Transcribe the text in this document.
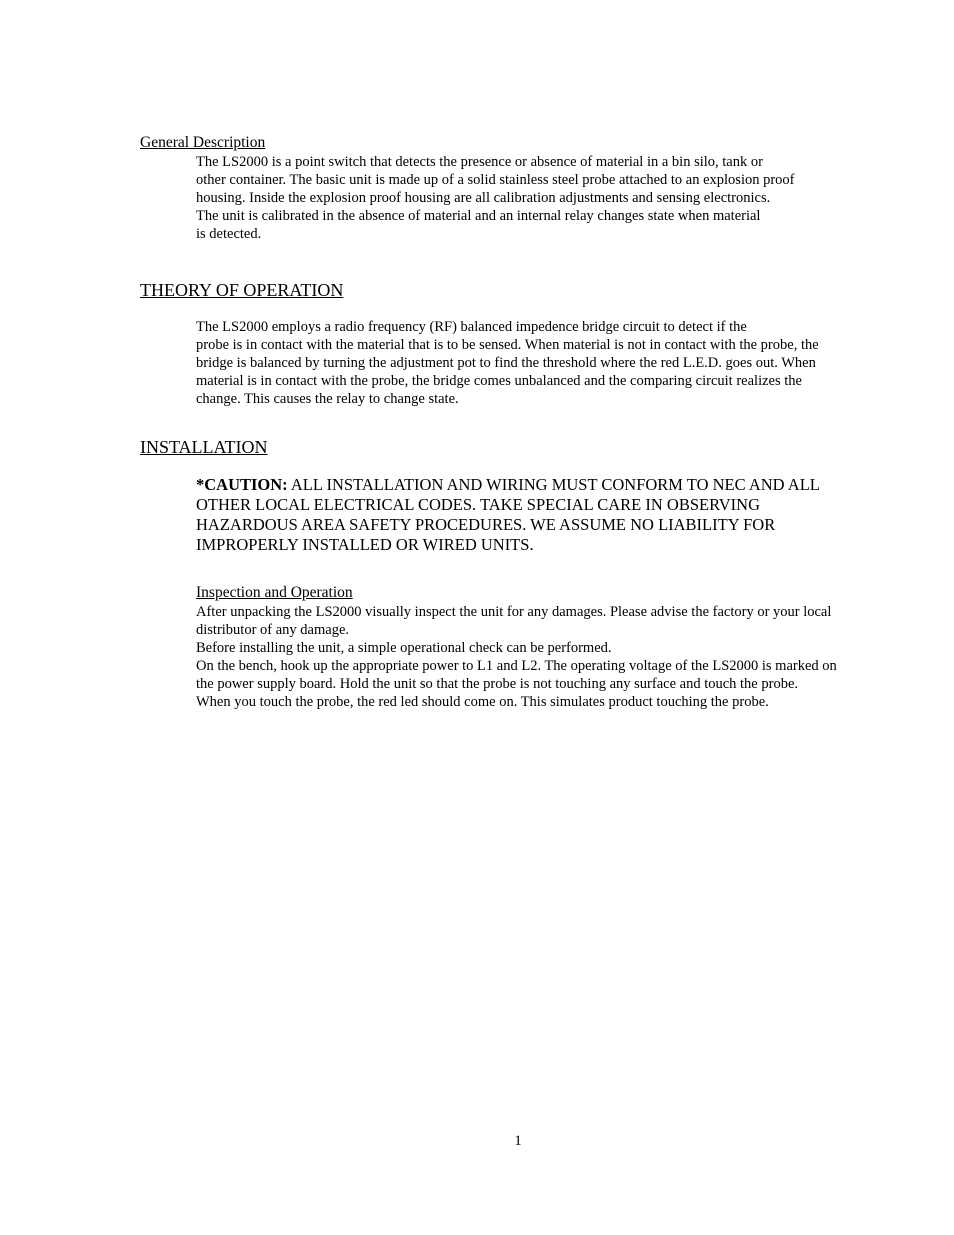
General Description
The LS2000 is a point switch that detects the presence or absence of material in a bin silo, tank or
other container. The basic unit is made up of a solid stainless steel probe attached to an explosion proof
housing. Inside the explosion proof housing are all calibration adjustments and sensing electronics.
The unit is calibrated in the absence of material and an internal relay changes state when material
is detected.
THEORY OF OPERATION
The LS2000 employs a radio frequency (RF) balanced impedence bridge circuit to detect if the
probe is in contact with the material that is to be sensed. When material is not in contact with the probe, the
bridge is balanced by turning the adjustment pot to find the threshold where the red L.E.D. goes out. When
material is in contact with the probe, the bridge comes unbalanced and the comparing circuit realizes the
change. This causes the relay to change state.
INSTALLATION
*CAUTION: ALL INSTALLATION AND WIRING MUST CONFORM TO NEC AND ALL
OTHER LOCAL ELECTRICAL CODES. TAKE SPECIAL CARE IN OBSERVING
HAZARDOUS AREA SAFETY PROCEDURES. WE ASSUME NO LIABILITY FOR
IMPROPERLY INSTALLED OR WIRED UNITS.
Inspection and Operation
After unpacking the LS2000 visually inspect the unit for any damages. Please advise the factory or your local
distributor of any damage.
Before installing the unit, a simple operational check can be performed.
On the bench, hook up the appropriate power to L1 and L2. The operating voltage of the LS2000 is marked on
the power supply board. Hold the unit so that the probe is not touching any surface and touch the probe.
When you touch the probe, the red led should come on. This simulates product touching the probe.
1
